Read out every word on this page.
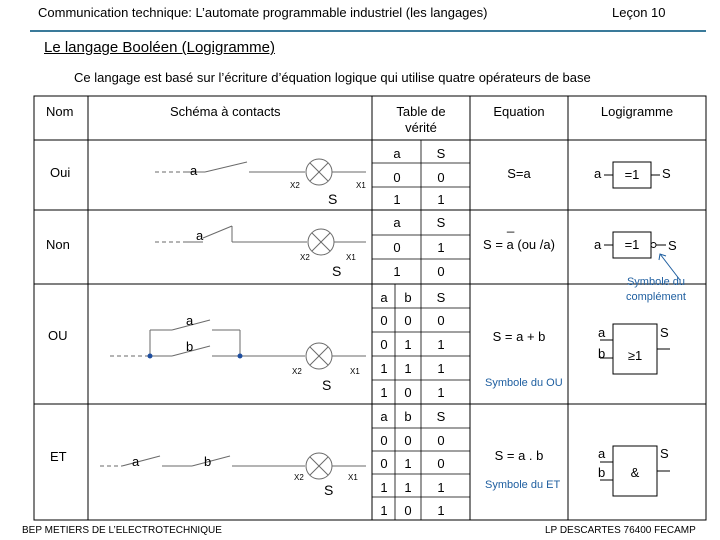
Communication technique: L’automate programmable industriel (les langages)	Leçon 10
Le langage Booléen (Logigramme)
Ce langage est basé sur l’écriture d’équation logique qui utilise quatre opérateurs de base
Nom	Schéma à contacts	Table de
vérité
Equation	Logigramme
Oui	a
X2	X1
S
a	S
0	0
1	1
S=a	a	=1	S
Non
a
X2	X1
S
a	S
0	1
1	0
_
S = a (ou /a)	a	=1	S
Symbole du
complément
OU
a
b
X2	X1
S
a	b	S
0	0	0
0	1	1
1	1	1
1	0	1
S = a + b
Symbole du OU
a
b	≥1
S
ET	a	b
X2	X1
S
a	b	S
0	0	0
0	1	0
1	1	1
1	0	1
S = a . b
Symbole du ET
a
b	&
S
BEP METIERS DE L’ELECTROTECHNIQUE	LP DESCARTES 76400 FECAMP
